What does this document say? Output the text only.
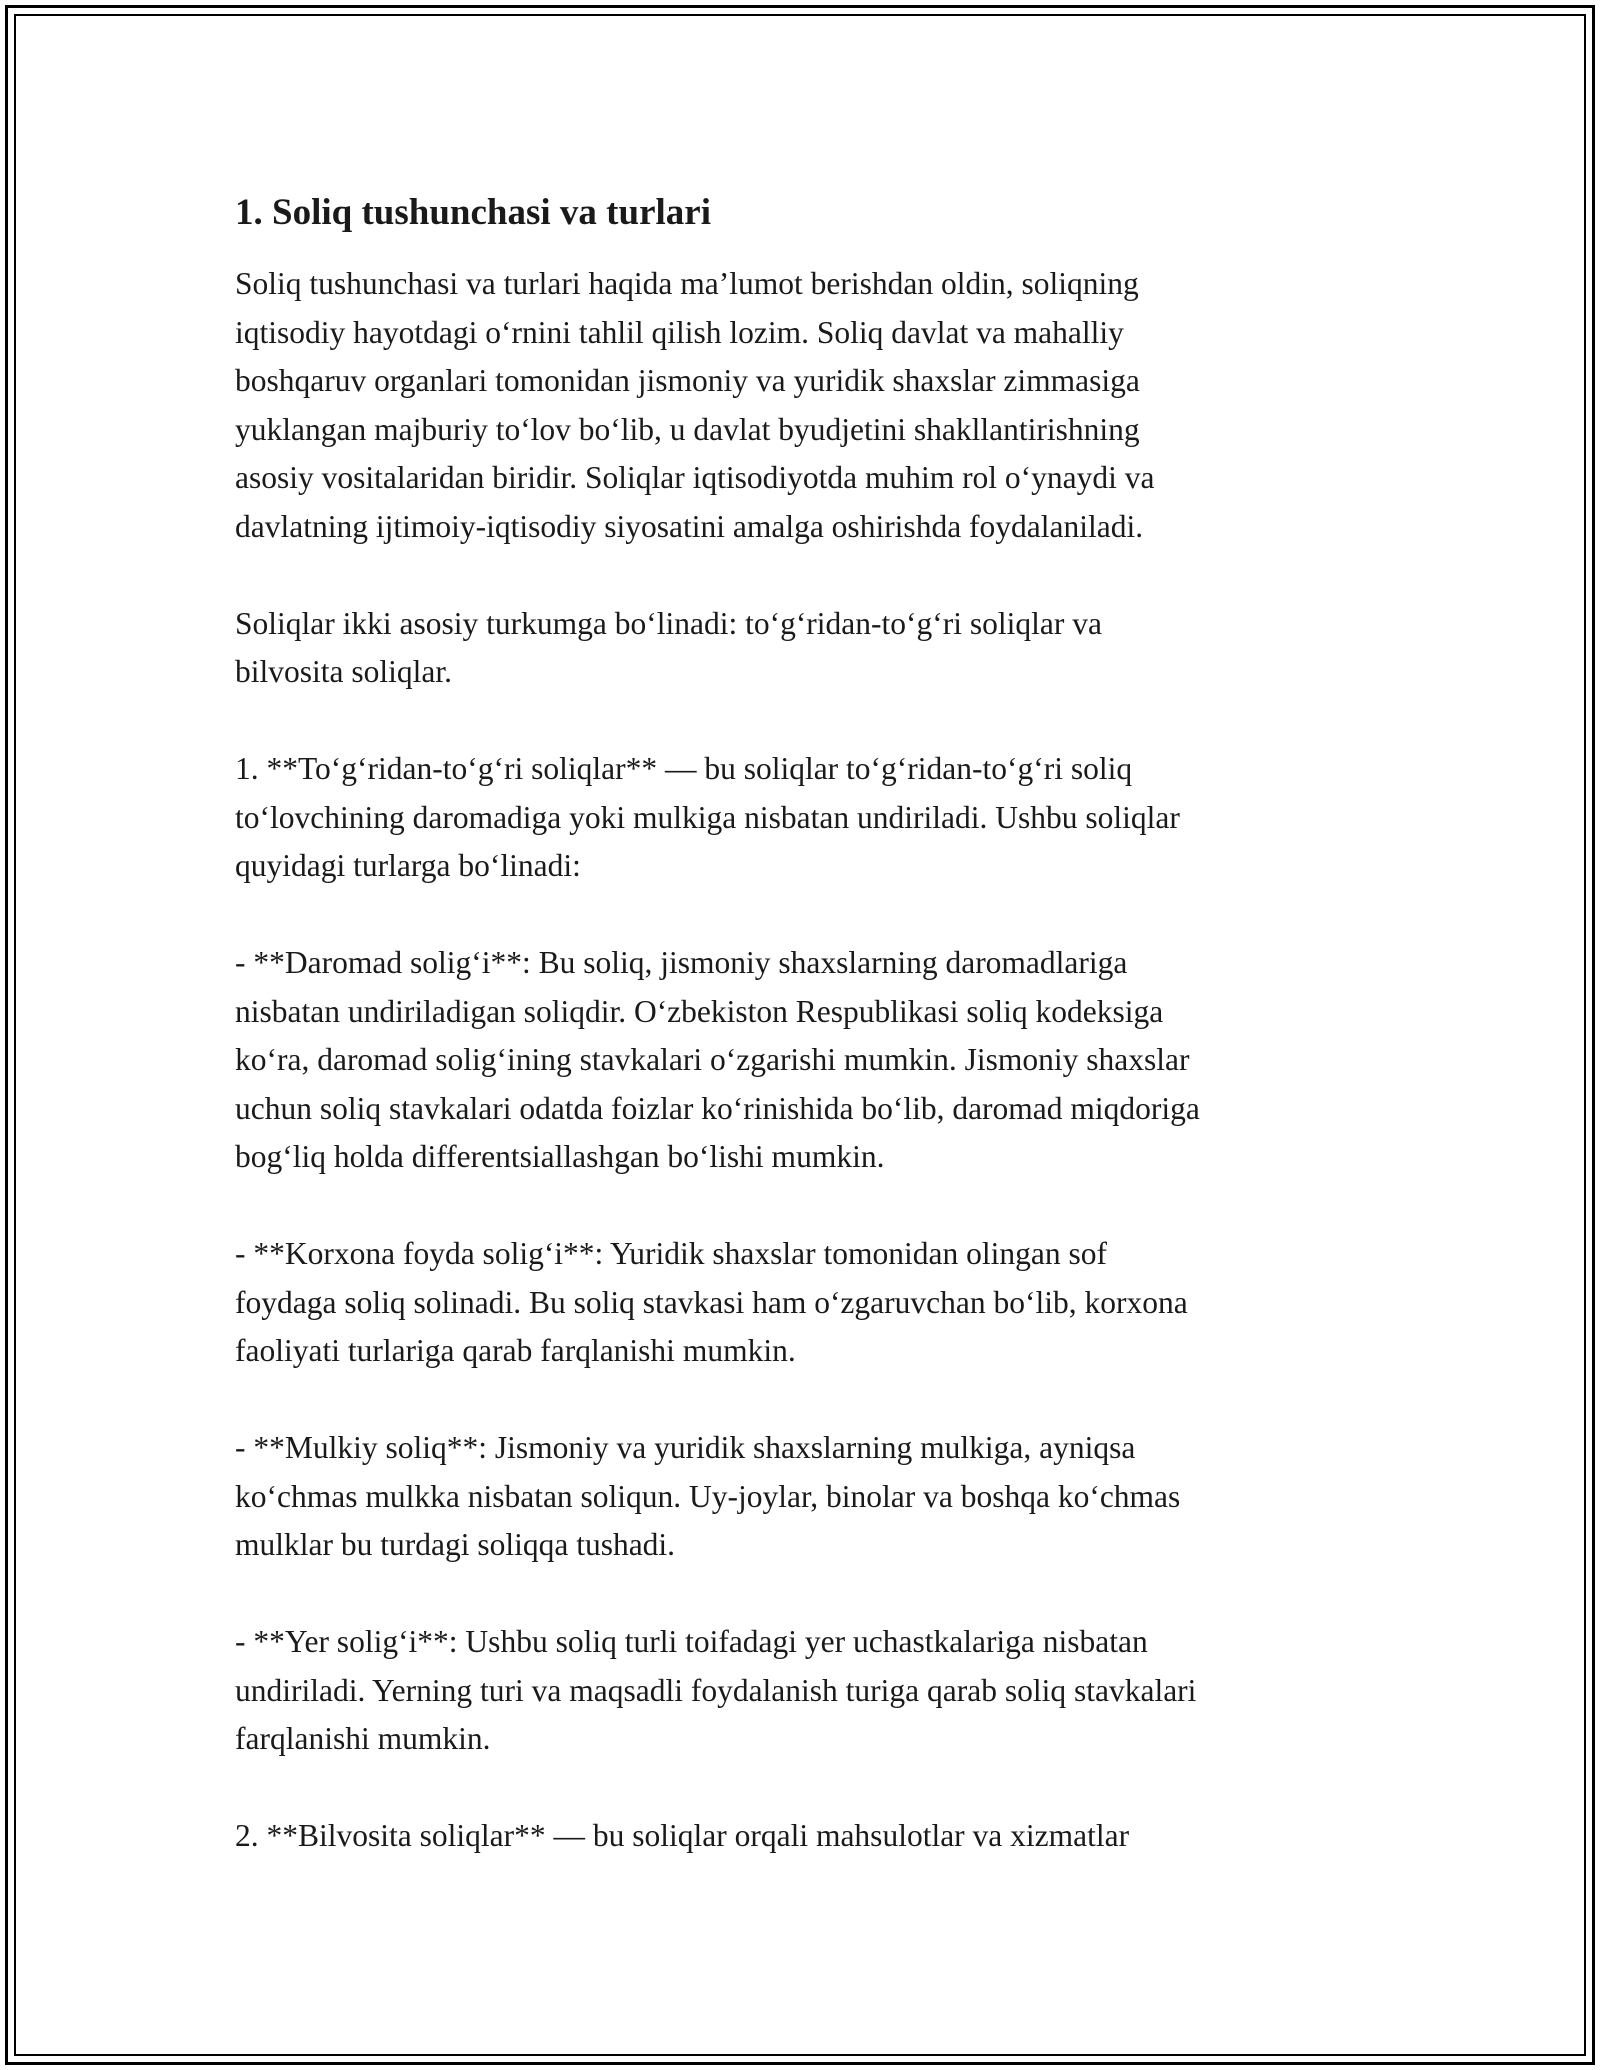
1. Soliq tushunchasi va turlari

Soliq tushunchasi va turlari haqida ma’lumot berishdan oldin, soliqning
iqtisodiy hayotdagi o‘rnini tahlil qilish lozim. Soliq davlat va mahalliy
boshqaruv organlari tomonidan jismoniy va yuridik shaxslar zimmasiga
yuklangan majburiy to‘lov bo‘lib, u davlat byudjetini shakllantirishning
asosiy vositalaridan biridir. Soliqlar iqtisodiyotda muhim rol o‘ynaydi va
davlatning ijtimoiy-iqtisodiy siyosatini amalga oshirishda foydalaniladi.

Soliqlar ikki asosiy turkumga bo‘linadi: to‘g‘ridan-to‘g‘ri soliqlar va
bilvosita soliqlar.

1. **To‘g‘ridan-to‘g‘ri soliqlar** — bu soliqlar to‘g‘ridan-to‘g‘ri soliq
to‘lovchining daromadiga yoki mulkiga nisbatan undiriladi. Ushbu soliqlar
quyidagi turlarga bo‘linadi:

- **Daromad solig‘i**: Bu soliq, jismoniy shaxslarning daromadlariga
nisbatan undiriladigan soliqdir. O‘zbekiston Respublikasi soliq kodeksiga
ko‘ra, daromad solig‘ining stavkalari o‘zgarishi mumkin. Jismoniy shaxslar
uchun soliq stavkalari odatda foizlar ko‘rinishida bo‘lib, daromad miqdoriga
bog‘liq holda differentsiallashgan bo‘lishi mumkin.

- **Korxona foyda solig‘i**: Yuridik shaxslar tomonidan olingan sof
foydaga soliq solinadi. Bu soliq stavkasi ham o‘zgaruvchan bo‘lib, korxona
faoliyati turlariga qarab farqlanishi mumkin.

- **Mulkiy soliq**: Jismoniy va yuridik shaxslarning mulkiga, ayniqsa
ko‘chmas mulkka nisbatan soliqun. Uy-joylar, binolar va boshqa ko‘chmas
mulklar bu turdagi soliqqa tushadi.

- **Yer solig‘i**: Ushbu soliq turli toifadagi yer uchastkalariga nisbatan
undiriladi. Yerning turi va maqsadli foydalanish turiga qarab soliq stavkalari
farqlanishi mumkin.

2. **Bilvosita soliqlar** — bu soliqlar orqali mahsulotlar va xizmatlar
